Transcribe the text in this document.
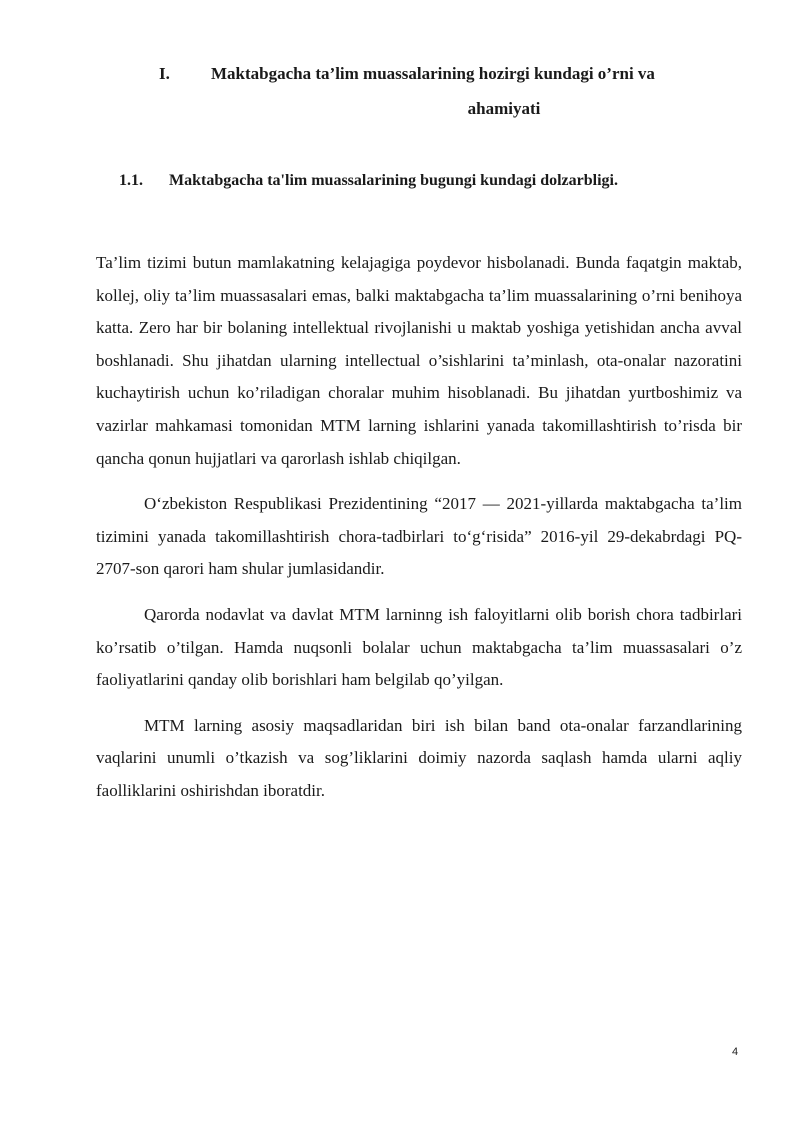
I.	Maktabgacha ta’lim muassalarining hozirgi kundagi o’rni va
ahamiyati
1.1.	Maktabgacha ta'lim muassalarining bugungi kundagi dolzarbligi.

Ta’lim tizimi butun mamlakatning kelajagiga poydevor hisbolanadi. Bunda faqatgin maktab, kollej, oliy ta’lim muassasalari emas, balki maktabgacha ta’lim muassalarining o’rni benihoya katta. Zero har bir bolaning intellektual rivojlanishi u maktab yoshiga yetishidan ancha avval boshlanadi. Shu jihatdan ularning intellectual o’sishlarini ta’minlash, ota-onalar nazoratini kuchaytirish uchun ko’riladigan choralar muhim hisoblanadi. Bu jihatdan yurtboshimiz va vazirlar mahkamasi tomonidan MTM larning ishlarini yanada takomillashtirish to’risda bir qancha qonun hujjatlari va qarorlash ishlab chiqilgan.

O‘zbekiston Respublikasi Prezidentining “2017 — 2021-yillarda maktabgacha ta’lim tizimini yanada takomillashtirish chora-tadbirlari to‘g‘risida” 2016-yil 29-dekabrdagi PQ-2707-son qarori ham shular jumlasidandir.

Qarorda nodavlat va davlat MTM larninng ish faloyitlarni olib borish chora tadbirlari ko’rsatib o’tilgan. Hamda nuqsonli bolalar uchun maktabgacha ta’lim muassasalari o’z faoliyatlarini qanday olib borishlari ham belgilab qo’yilgan.

MTM larning asosiy maqsadlaridan biri ish bilan band ota-onalar farzandlarining vaqlarini unumli o’tkazish va sog’liklarini doimiy nazorda saqlash hamda ularni aqliy faolliklarini oshirishdan iboratdir.

4
